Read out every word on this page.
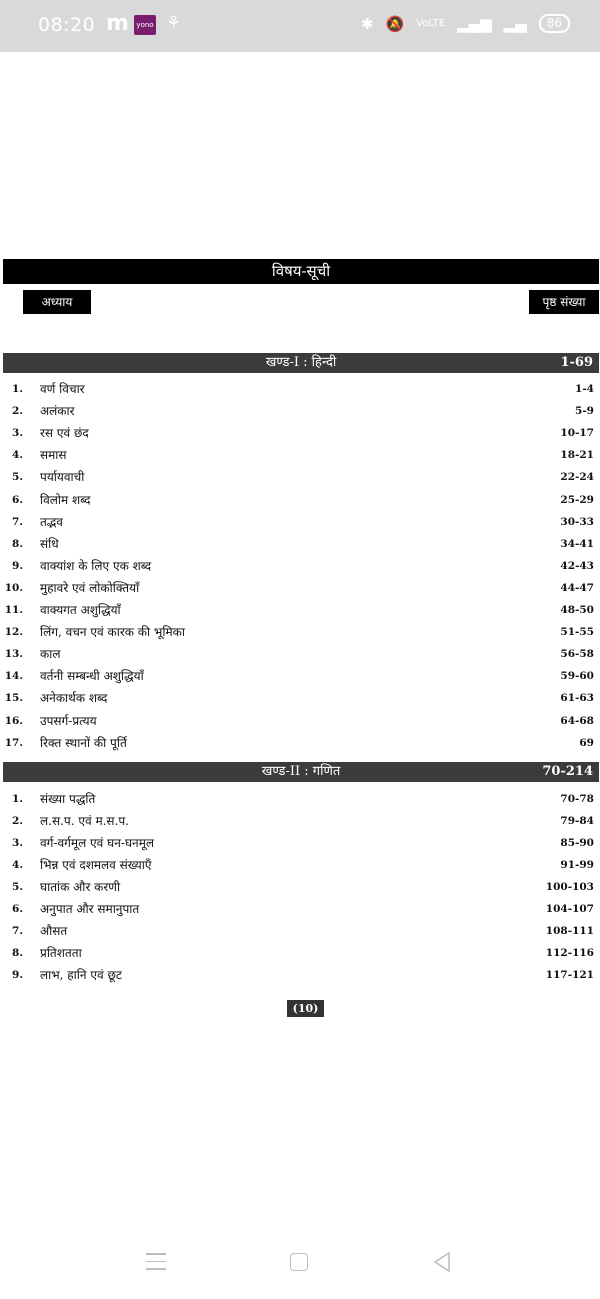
08:20 m	yono ⚘	✱ 🔕 VoLTE ▂▄▆ ▂▄	86
विषय-सूची
अध्याय	पृष्ठ संख्या
खण्ड-I : हिन्दी	1-69
1. वर्ण विचार	1-4
2. अलंकार	5-9
3. रस एवं छंद	10-17
4. समास	18-21
5. पर्यायवाची	22-24
6. विलोम शब्द	25-29
7. तद्भव	30-33
8. संधि	34-41
9. वाक्यांश के लिए एक शब्द	42-43
10. मुहावरे एवं लोकोक्तियाँ	44-47
11. वाक्यगत अशुद्धियाँ	48-50
12. लिंग, वचन एवं कारक की भूमिका	51-55
13. काल	56-58
14. वर्तनी सम्बन्धी अशुद्धियाँ	59-60
15. अनेकार्थक शब्द	61-63
16. उपसर्ग-प्रत्यय	64-68
17. रिक्त स्थानों की पूर्ति	69
खण्ड-II : गणित	70-214
1. संख्या पद्धति	70-78
2. ल.स.प. एवं म.स.प.	79-84
3. वर्ग-वर्गमूल एवं घन-घनमूल	85-90
4. भिन्न एवं दशमलव संख्याएँ	91-99
5. घातांक और करणी	100-103
6. अनुपात और समानुपात	104-107
7. औसत	108-111
8. प्रतिशतता	112-116
9. लाभ, हानि एवं छूट	117-121
(10)
